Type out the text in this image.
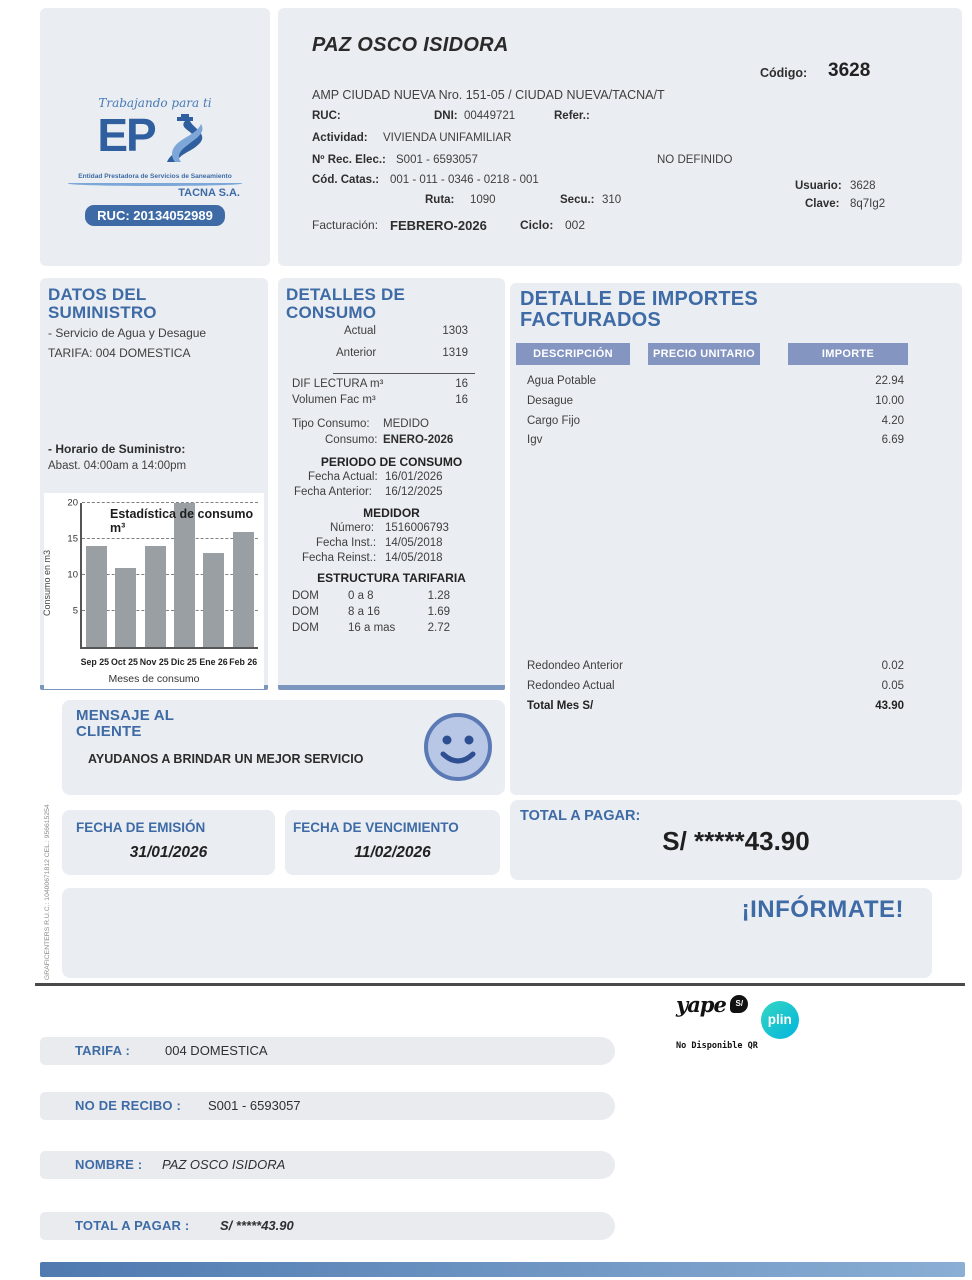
Trabajando para ti
EP
Entidad Prestadora de Servicios de Saneamiento
TACNA S.A.
RUC: 20134052989
PAZ OSCO ISIDORA
Código: 3628
AMP CIUDAD NUEVA Nro. 151-05 / CIUDAD NUEVA/TACNA/T
RUC:	DNI: 00449721	Refer.:
Actividad: VIVIENDA UNIFAMILIAR
Nº Rec. Elec.: S001 - 6593057	NO DEFINIDO
Cód. Catas.: 001 - 011 - 0346 - 0218 - 001	Usuario: 3628
Ruta: 1090	Secu.: 310	Clave: 8q7Ig2
Facturación: FEBRERO-2026	Ciclo: 002
DATOS DEL SUMINISTRO
- Servicio de Agua y Desague
TARIFA: 004 DOMESTICA
- Horario de Suministro:
Abast. 04:00am a 14:00pm
Consumo en m3	5
10
15
20
Estadística de consumo m³
Sep 25 Oct 25 Nov 25 Dic 25 Ene 26 Feb 26
Meses de consumo
DETALLES DE CONSUMO
Actual	1303
Anterior	1319
DIF LECTURA m³	16
Volumen Fac m³	16
Tipo Consumo: MEDIDO
Consumo: ENERO-2026
PERIODO DE CONSUMO
Fecha Actual: 16/01/2026
Fecha Anterior: 16/12/2025
MEDIDOR
Número: 1516006793
Fecha Inst.: 14/05/2018
Fecha Reinst.: 14/05/2018
ESTRUCTURA TARIFARIA
DOM	0 a 8	1.28
DOM	8 a 16	1.69
DOM	16 a mas	2.72
DETALLE DE IMPORTES FACTURADOS
DESCRIPCIÓN	PRECIO UNITARIO	IMPORTE
Agua Potable	22.94
Desague	10.00
Cargo Fijo	4.20
Igv	6.69
Redondeo Anterior	0.02
Redondeo Actual	0.05
Total Mes S/	43.90
MENSAJE AL CLIENTE
AYUDANOS A BRINDAR UN MEJOR SERVICIO
FECHA DE EMISIÓN
31/01/2026
FECHA DE VENCIMIENTO
11/02/2026
TOTAL A PAGAR:
S/ *****43.90
¡INFÓRMATE!
GRAFICENTERS R.U.C.: 10400671812 CEL.: 956615254
yape S/ plin
No Disponible QR
TARIFA :	004 DOMESTICA
NO DE RECIBO : S001 - 6593057
NOMBRE : PAZ OSCO ISIDORA
TOTAL A PAGAR : S/ *****43.90
